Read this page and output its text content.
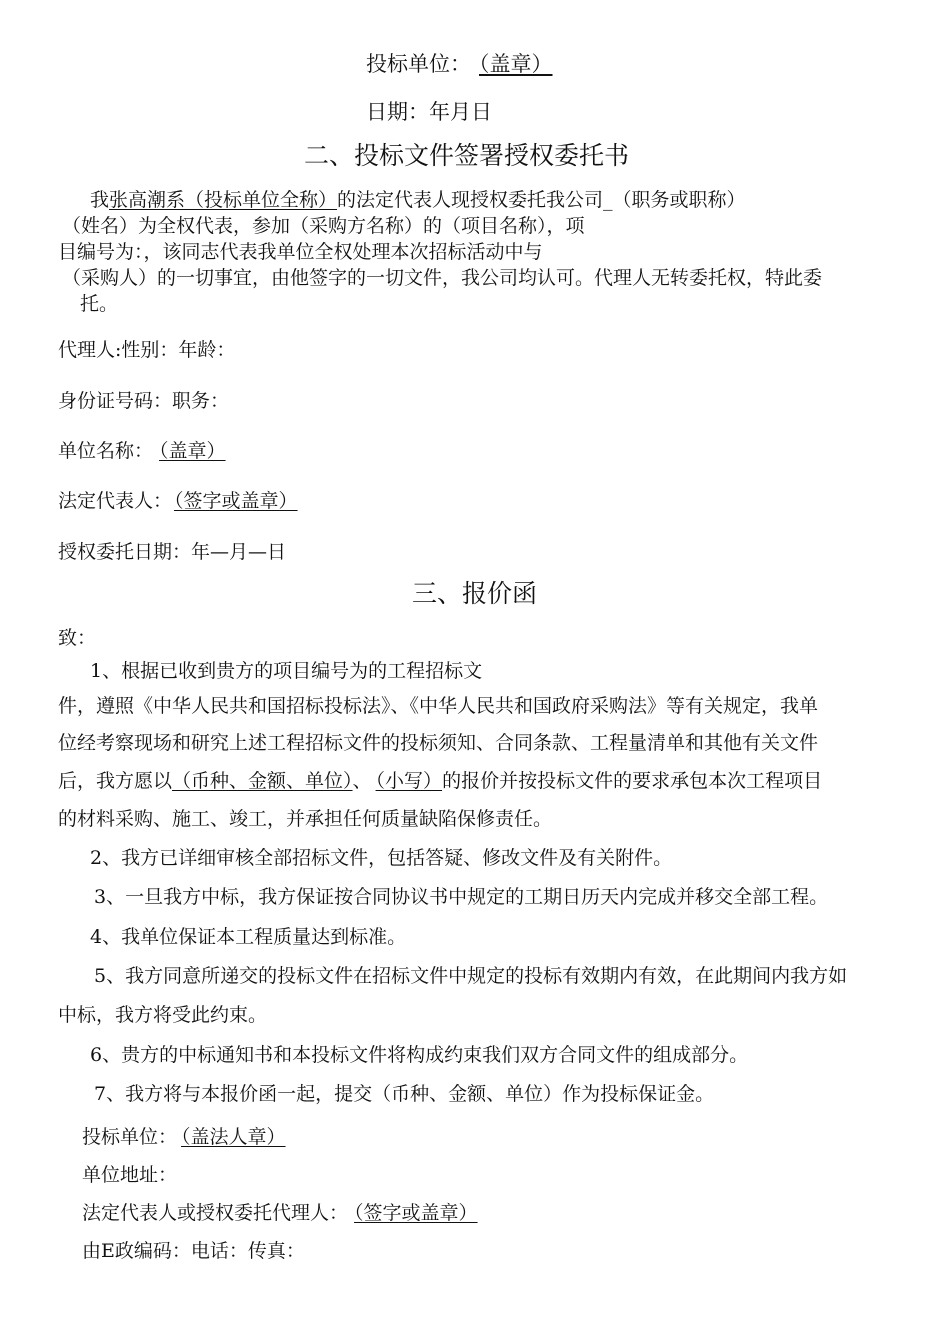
投标单位： （盖章）
日期：年月日
二、投标文件签署授权委托书
我张高潮系（投标单位全称）的法定代表人现授权委托我公司_（职务或职称）
（姓名）为全权代表，参加（采购方名称）的（项目名称），项
目编号为：，该同志代表我单位全权处理本次招标活动中与
（采购人）的一切事宜，由他签字的一切文件，我公司均认可。代理人无转委托权，特此委
托。
代理人:性别：年龄：
身份证号码：职务：
单位名称： （盖章）
法定代表人： （签字或盖章）
授权委托日期：年—月—日
三、报价函
致：
1、根据已收到贵方的项目编号为的工程招标文
件，遵照《中华人民共和国招标投标法》、《中华人民共和国政府采购法》等有关规定，我单
位经考察现场和研究上述工程招标文件的投标须知、合同条款、工程量清单和其他有关文件
后，我方愿以（币种、金额、单位）、 （小写）的报价并按投标文件的要求承包本次工程项目
的材料采购、施工、竣工，并承担任何质量缺陷保修责任。
2、我方已详细审核全部招标文件，包括答疑、修改文件及有关附件。
3、一旦我方中标，我方保证按合同协议书中规定的工期日历天内完成并移交全部工程。
4、我单位保证本工程质量达到标准。
5、我方同意所递交的投标文件在招标文件中规定的投标有效期内有效，在此期间内我方如
中标，我方将受此约束。
6、贵方的中标通知书和本投标文件将构成约束我们双方合同文件的组成部分。
7、我方将与本报价函一起，提交（币种、金额、单位）作为投标保证金。
投标单位： （盖法人章）
单位地址：
法定代表人或授权委托代理人： （签字或盖章）
由E政编码：电话：传真：
